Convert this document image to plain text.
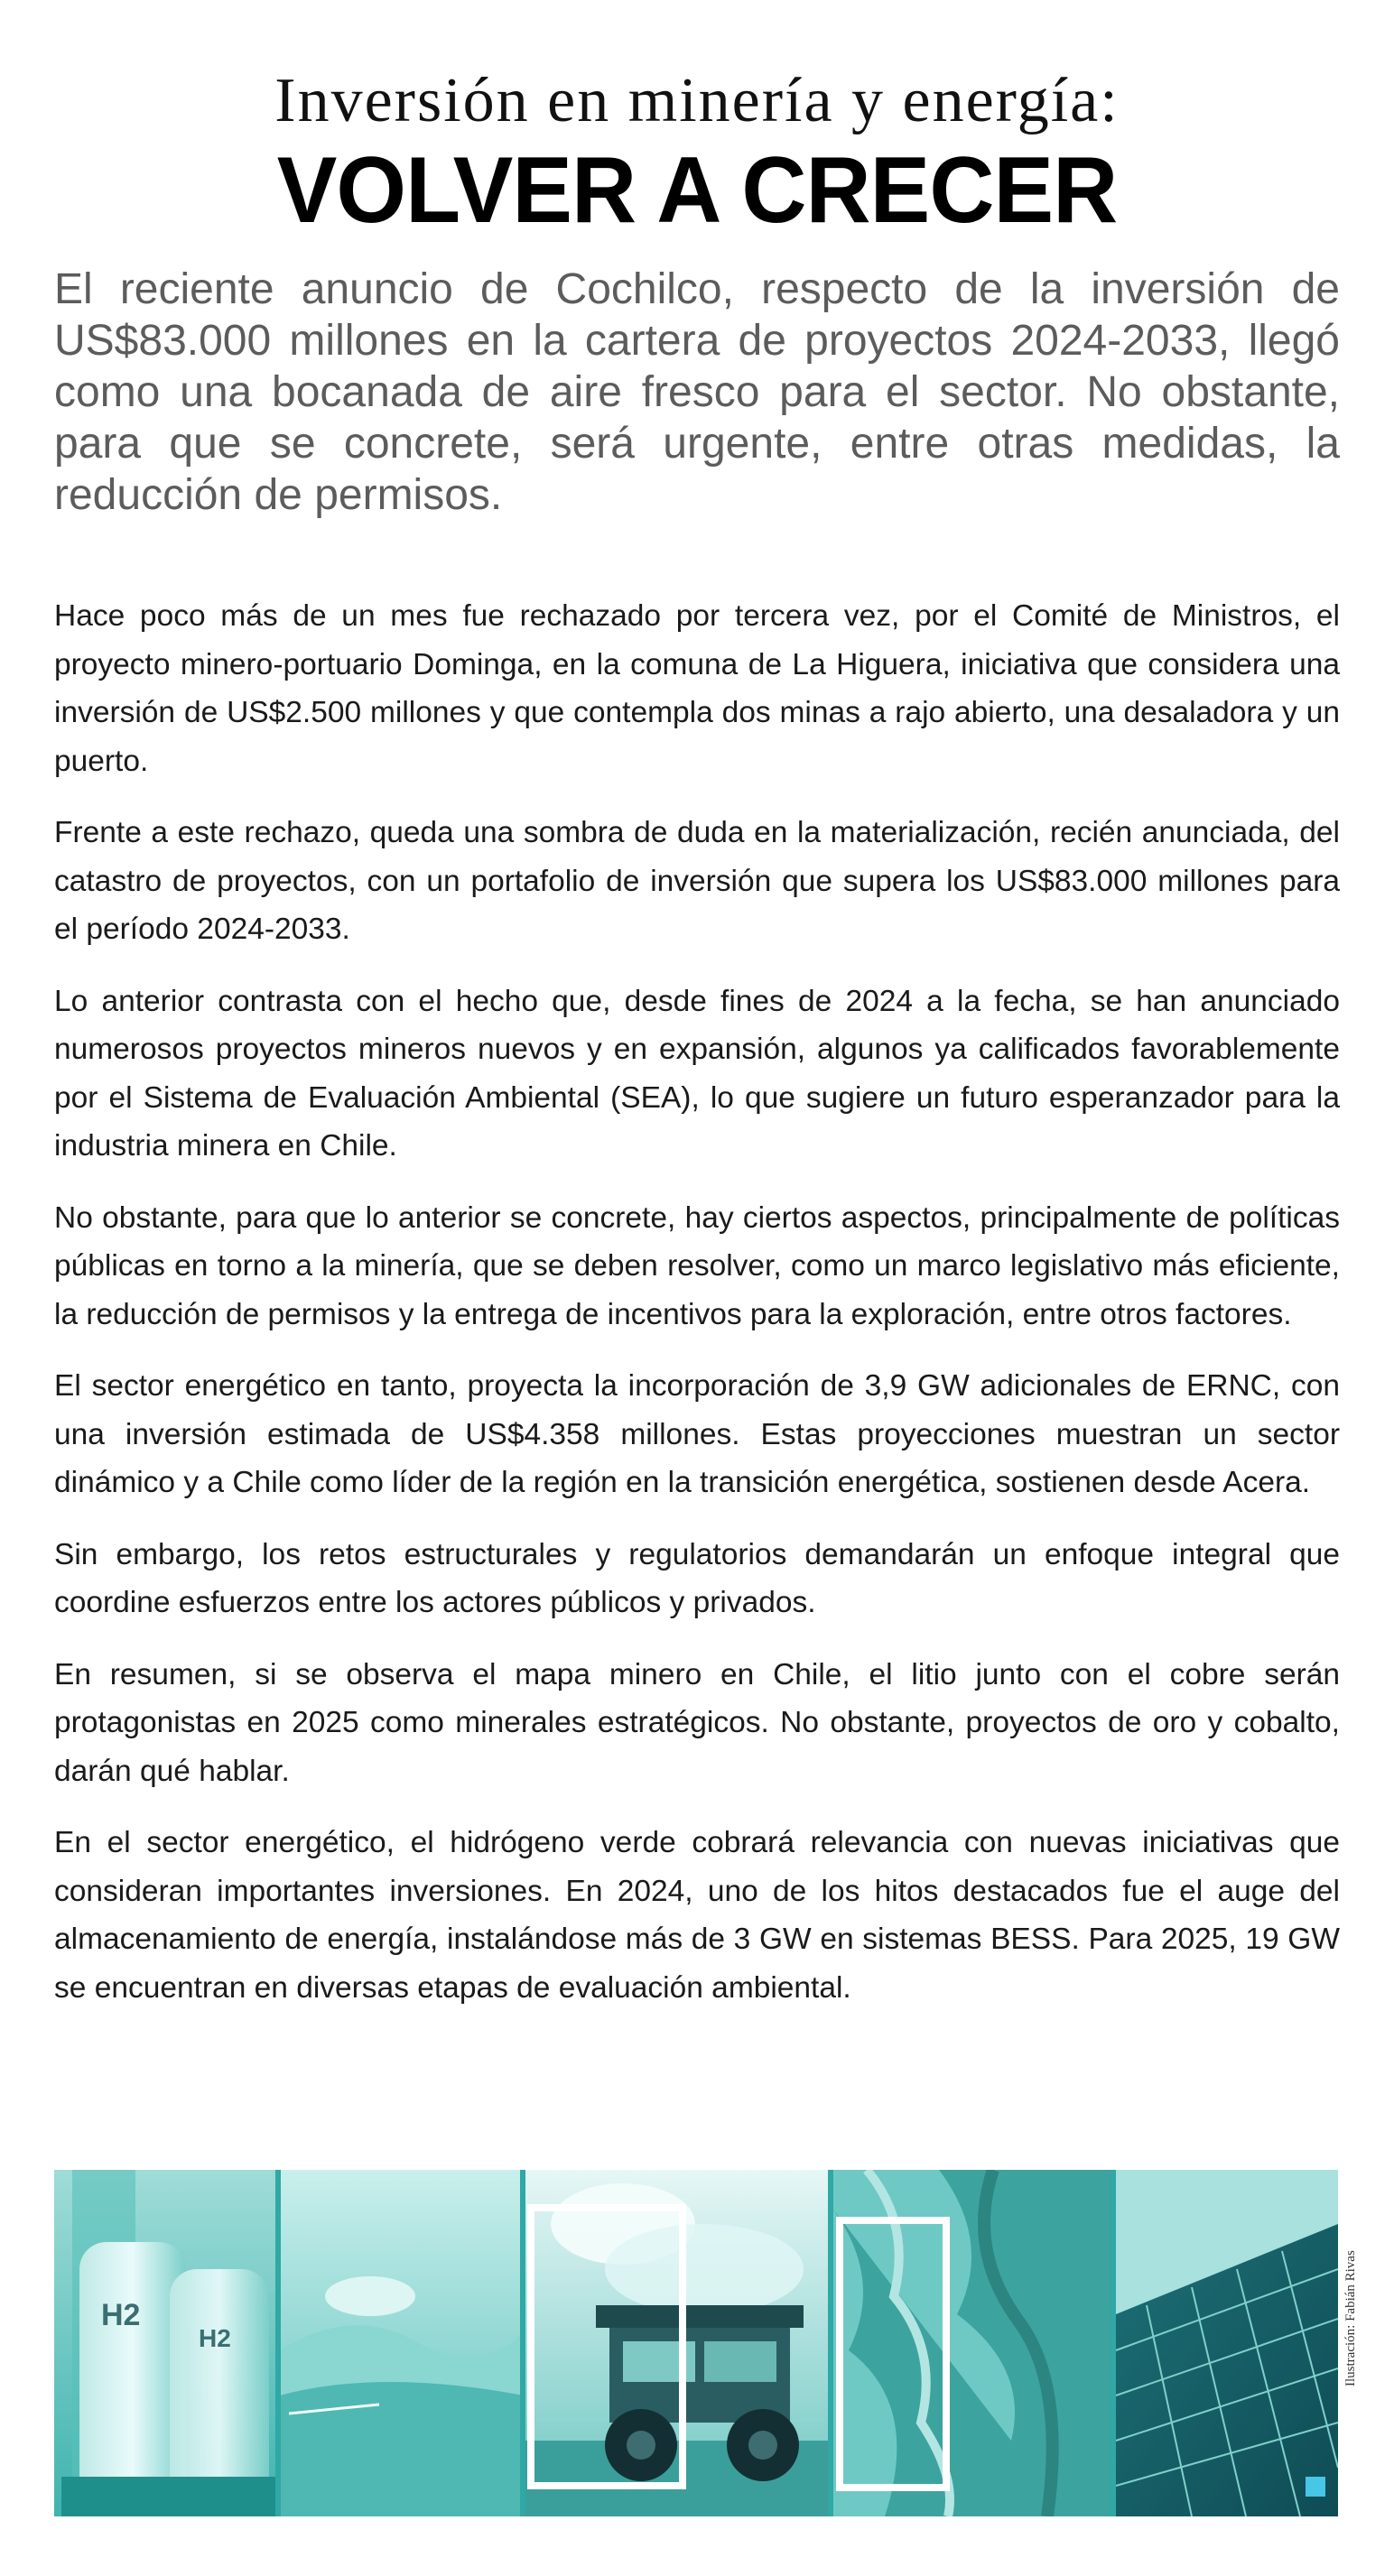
Inversión en minería y energía:
VOLVER A CRECER
El reciente anuncio de Cochilco, respecto de la inversión de US$83.000 millones en la cartera de proyectos 2024-2033, llegó como una bocanada de aire fresco para el sector. No obstante, para que se concrete, será urgente, entre otras medidas, la reducción de permisos.

Hace poco más de un mes fue rechazado por tercera vez, por el Comité de Ministros, el proyecto minero-portuario Dominga, en la comuna de La Higuera, iniciativa que considera una inversión de US$2.500 millones y que contempla dos minas a rajo abierto, una desaladora y un puerto.

Frente a este rechazo, queda una sombra de duda en la materialización, recién anunciada, del catastro de proyectos, con un portafolio de inversión que supera los US$83.000 millones para el período 2024-2033.

Lo anterior contrasta con el hecho que, desde fines de 2024 a la fecha, se han anunciado numerosos proyectos mineros nuevos y en expansión, algunos ya calificados favorablemente por el Sistema de Evaluación Ambiental (SEA), lo que sugiere un futuro esperanzador para la industria minera en Chile.

No obstante, para que lo anterior se concrete, hay ciertos aspectos, principalmente de políticas públicas en torno a la minería, que se deben resolver, como un marco legislativo más eficiente, la reducción de permisos y la entrega de incentivos para la exploración, entre otros factores.

El sector energético en tanto, proyecta la incorporación de 3,9 GW adicionales de ERNC, con una inversión estimada de US$4.358 millones. Estas proyecciones muestran un sector dinámico y a Chile como líder de la región en la transición energética, sostienen desde Acera.

Sin embargo, los retos estructurales y regulatorios demandarán un enfoque integral que coordine esfuerzos entre los actores públicos y privados.

En resumen, si se observa el mapa minero en Chile, el litio junto con el cobre serán protagonistas en 2025 como minerales estratégicos. No obstante, proyectos de oro y cobalto, darán qué hablar.

En el sector energético, el hidrógeno verde cobrará relevancia con nuevas iniciativas que consideran importantes inversiones. En 2024, uno de los hitos destacados fue el auge del almacenamiento de energía, instalándose más de 3 GW en sistemas BESS. Para 2025, 19 GW se encuentran en diversas etapas de evaluación ambiental.

H2
H2	Ilustración: Fabián Rivas
